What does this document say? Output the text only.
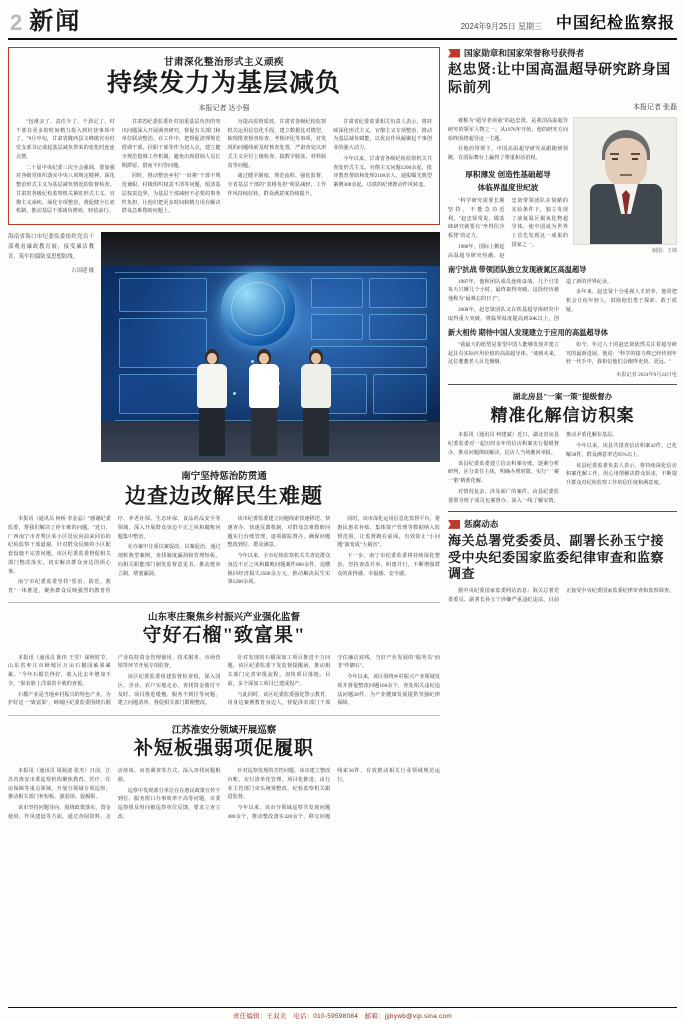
2 新闻	2024年9月25日 星期三 中国纪检监察报
甘肃深化整治形式主义顽疾
持续发力为基层减负
本报记者 达小强

"包袱多了、责任少了、干劲足了、村干部有更多的时间精力投入到村巷事项中了。"9月中旬，甘肃省陇西县文峰镇官屯村党支部书记谈起基层减负带来的变化时连连点赞。

二十届中央纪委三次全会强调，要加强对各级党组织落实中央八项规定精神、深化整治形式主义为基层减负情况的监督检查。甘肃省各级纪检监察机关紧盯形式主义、官僚主义顽疾，深化专项整治，督促健全长效机制，推动基层干部减负增效、轻装前行。

甘肃省纪委监委针对加重基层负担的突出问题深入开展调查研究，督促有关部门和单位联动整治。在工作中，把督促清理规范借调干部、挂职干部等作为切入点，建立健全规范借调工作机制，避免出现借调人员长期滞留、借而不归等问题。

同时，推动整治乡村"一肩挑"干部不规范兼职、村级组织权责不清等问题，厘清基层权责边界，为基层干部减轻不必要的事务性负担，让他们把更多时间和精力用在解决群众急难愁盼问题上。

为提高监督质效，甘肃省各级纪检监察机关运用信息化手段，建立数据比对模型，梳理排查督查检查、考核评比等事项，对发现的问题线索及时核查处置，严肃查处以形式主义应付上级检查、搞数字脱贫、材料脱贫等问题。

通过健全制度、规范流程、强化监督，全省基层干部的"表格负担"明显减轻，工作作风持续好转，群众满意度持续提升。

甘肃省纪委监委相关负责人表示，将持续深化形式主义、官僚主义专项整治，推动为基层减负赋能，以优良作风凝聚起干事创业的强大动力。

今年以来，甘肃省各级纪检监察机关共查处形式主义、官僚主义问题1200余起，批评教育帮助和处理2100余人，通报曝光典型案例300余起，以铁的纪律推动作风转变。

海南省海口市纪委监委组织党员干部观看廉政教育展，接受廉洁教育，筑牢拒腐防变思想防线。
吉国建 摄
南宁坚持惩治防贯通
边查边改解民生难题

本报讯（通讯员 何桥 李金晶）"感谢纪委监委，帮我们解决了停车难的问题。"近日，广西南宁市青秀区某小区居民向前来回访的纪检监察干部道谢。针对群众反映的小区配套设施不完善问题，该区纪委监委督促相关部门整改落实，切实解决群众身边的烦心事。

南宁市纪委监委坚持"惩治、防范、教育"一体推进，聚焦群众反映强烈的教育医疗、养老社保、生态环保、食品药品安全等领域，深入开展群众身边不正之风和腐败问题集中整治。

在办案中注重以案促改、以案促治，通过剖析典型案例，查找制度漏洞和管理短板，向相关职能部门制发监督意见书，推动建章立制、堵塞漏洞。

该市纪委监委建立问题线索快速移送、快速查办、快速反馈机制，对群众急难愁盼问题实行台账管理，逐项跟踪督办，确保问题整改到位、群众满意。

今年以来，全市纪检监察机关共查处群众身边不正之风和腐败问题案件860余件，追缴挽回经济损失3500余万元，推动解决民生实事1200余项。

同时，该市深化运用信息化监督平台，将惠民惠农补贴、集体资产管理等数据纳入监督范围，让监督跑在前面，有效防止"小问题"演变成"大祸害"。

下一步，南宁市纪委监委将持续深化整治，坚持查改并举、纠建并行，不断增强群众的获得感、幸福感、安全感。

山东枣庄聚焦乡村振兴产业强化监督
守好石榴"致富果"

本报讯（通讯员 陈伟 王莹）深秋时节，山东省枣庄市峄城区万亩石榴园硕果累累。"今年石榴长得好，收入比去年增加不少。"果农脸上洋溢着丰收的喜悦。

石榴产业是当地乡村振兴的特色产业。为护好这一"致富果"，峄城区纪委监委围绕石榴产业扶持资金管理使用、技术服务、市场营销等环节开展专项监督。

该区纪委监委组建监督检查组，深入园区、企业、农户实地走访，查找资金拨付不及时、项目推进缓慢、服务不到位等问题，建立问题清单，督促相关部门限期整改。

针对发现的石榴深加工项目推进不力问题，该区纪委监委下发监督提醒函，推动相关部门完善审批流程、加快项目落地。目前，多个深加工项目已建成投产。

与此同时，该区纪委监委强化警示教育，用身边案例教育身边人，督促涉农部门干部守住廉洁底线，当好产业发展的"服务员"而非"绊脚石"。

今年以来，该区围绕乡村振兴产业领域发现并督促整改问题160余个，查处相关违纪违法问题28件，为产业健康发展提供坚强纪律保障。

江苏淮安分领域开展巡察
补短板强弱项促履职

本报讯（通讯员 周海波 张杰）日前，江苏省淮安市委巡察机构聚焦教育、医疗、住房保障等重点领域，开展分领域专项巡察，推动相关部门补短板、强弱项、促履职。

该市坚持问题导向，围绕政策落实、资金使用、作风建设等方面，通过查阅资料、走访座谈、问卷调查等方式，深入查找问题根源。

巡察中发现部分单位存在惠民政策宣传不到位、服务窗口办事效率不高等问题，市委巡察组及时向被巡察单位反馈，要求立查立改。

针对巡察发现的共性问题，该市建立整改台账，实行清单化管理、项目化推进，由行业主管部门牵头统筹整改，纪检监察机关跟进监督。

今年以来，该市分领域巡察共发现问题480余个，推动整改落实420余个，移交问题线索36件，有效推动相关行业领域规范运行。

国家勋章和国家荣誉称号获得者
赵忠贤:让中国高温超导研究跻身国际前列
本报记者 张磊
制图：王婧

被称为"超导老顽童"的赵忠贤，是我国高温超导研究的领军人物之一。从1976年开始，他的研究方向始终围绕超导这一主题。

在他的带领下，中国高温超导研究从跟跑到领跑，在国际舞台上赢得了尊重和话语权。

厚积薄发 创造性基础超导
体临界温度世纪波

"科学研究需要长期坚持，不能急功近利。"赵忠贤常说，做基础研究就要有"坐得住冷板凳"的定力。

1986年，国际上掀起高温超导研究热潮。赵忠贤带领团队在简陋的实验条件下，独立发现了液氮温区铜氧化物超导体，使中国成为世界上首先发现这一成果的国家之一。

南宁抗战 带领团队独立发现液氮区高温超导

1987年，他和团队成员连续奋战，几个月里每天只睡几个小时，最终取得突破。这段经历被他称为"最难忘的日子"。

2008年，赵忠贤团队又在铁基超导体研究中取得重大突破，将临界温度提高到50K以上，创造了新的世界纪录。

多年来，赵忠贤十分重视人才培养，他常把机会让给年轻人，鼓励他们勇于探索、敢于质疑。

新大相传 期待中国人发现建立于应用的高温超导体

"我最大的愿望是希望中国人能够发现并建立起具有实际应用价值的高温超导体。"谈到未来，这位耄耋老人目光炯炯。

如今，年过八十的赵忠贤依然关注着超导研究的最新进展，他说："科学的接力棒已经传到年轻一代手中，我相信他们会跑得更快、更远。"

本报记者 2024年9月24日电
湖北房县"一案一策"提级督办
精准化解信访积案

本报讯（通讯员 柯建斌）近日，湖北省房县纪委监委对一起历时多年的信访积案实行提级督办，推动问题彻底解决，信访人当场撤回举报。

该县纪委监委建立信访积案台账，逐案分析研判，区分责任主体，明确办理时限，实行"一案一策"精准化解。

对情况复杂、涉及面广的案件，由县纪委监委领导班子成员包案督办，深入一线了解实情，推动矛盾化解在基层。

今年以来，该县共排查信访积案42件，已化解38件，群众满意率达95%以上。

该县纪委监委负责人表示，将持续深化信访积案化解工作，用心用情解决群众诉求，不断提升群众对纪检监察工作的信任度和满意度。

惩腐动态
海关总署党委委员、副署长孙玉宁接受中央纪委国家监委纪律审查和监察调查

据中央纪委国家监委网站消息：海关总署党委委员、副署长孙玉宁涉嫌严重违纪违法，目前正接受中央纪委国家监委纪律审查和监察调查。

责任编辑：王双美　电话：010-59598084　邮箱：jjjbywb@vip.sina.com
